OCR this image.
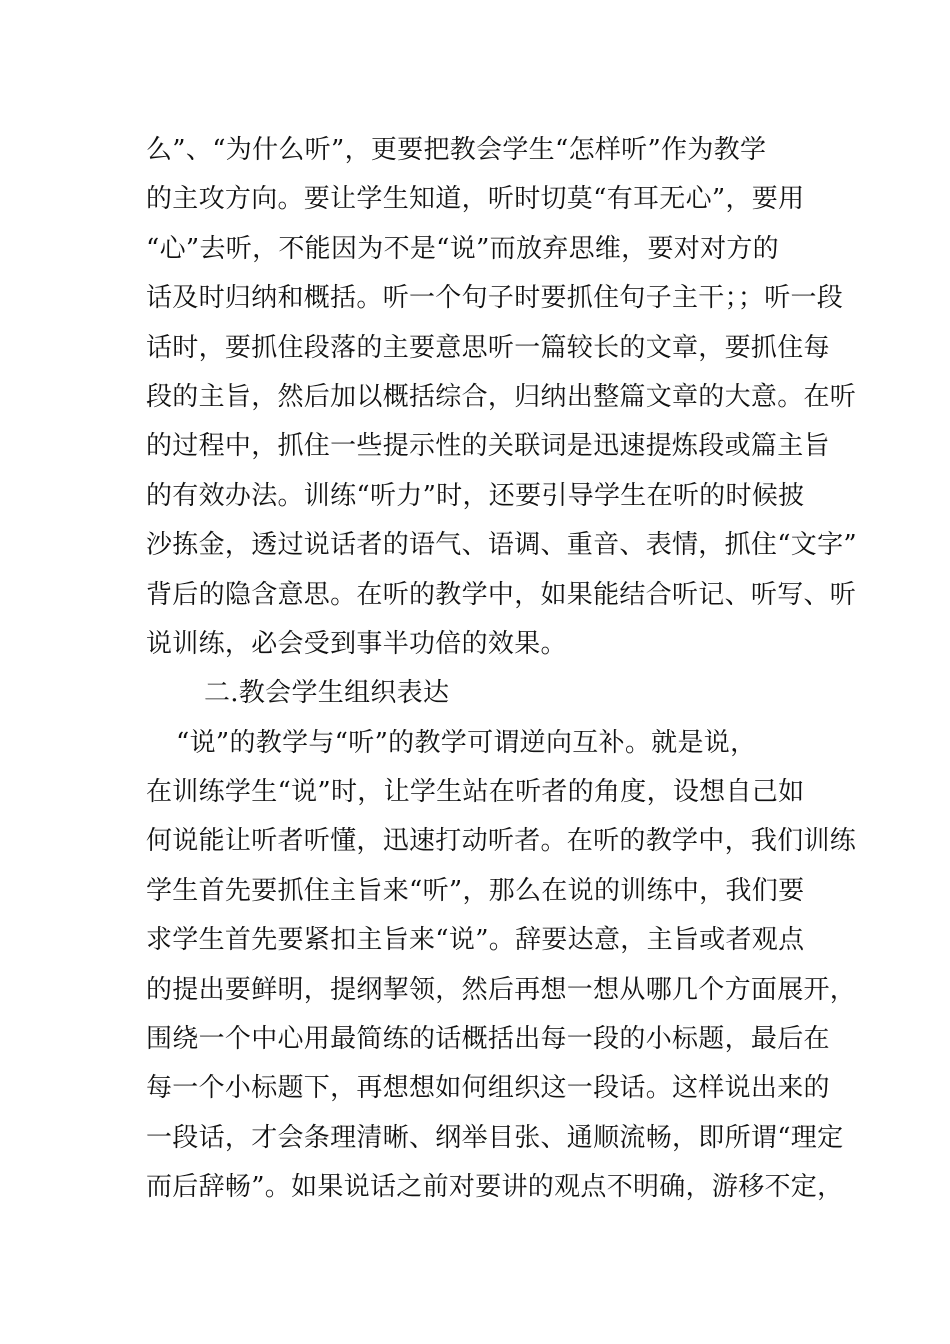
么”、“为什么听”，更要把教会学生“怎样听”作为教学
的主攻方向。要让学生知道，听时切莫“有耳无心”，要用
“心”去听，不能因为不是“说”而放弃思维，要对对方的
话及时归纳和概括。听一个句子时要抓住句子主干；；听一段
话时，要抓住段落的主要意思听一篇较长的文章，要抓住每
段的主旨，然后加以概括综合，归纳出整篇文章的大意。在听
的过程中，抓住一些提示性的关联词是迅速提炼段或篇主旨
的有效办法。训练“听力”时，还要引导学生在听的时候披
沙拣金，透过说话者的语气、语调、重音、表情，抓住“文字”
背后的隐含意思。在听的教学中，如果能结合听记、听写、听
说训练，必会受到事半功倍的效果。
二.教会学生组织表达
“说”的教学与“听”的教学可谓逆向互补。就是说，
在训练学生“说”时，让学生站在听者的角度，设想自己如
何说能让听者听懂，迅速打动听者。在听的教学中，我们训练
学生首先要抓住主旨来“听”，那么在说的训练中，我们要
求学生首先要紧扣主旨来“说”。辞要达意，主旨或者观点
的提出要鲜明，提纲挈领，然后再想一想从哪几个方面展开，
围绕一个中心用最简练的话概括出每一段的小标题，最后在
每一个小标题下，再想想如何组织这一段话。这样说出来的
一段话，才会条理清晰、纲举目张、通顺流畅，即所谓“理定
而后辞畅”。如果说话之前对要讲的观点不明确，游移不定，
